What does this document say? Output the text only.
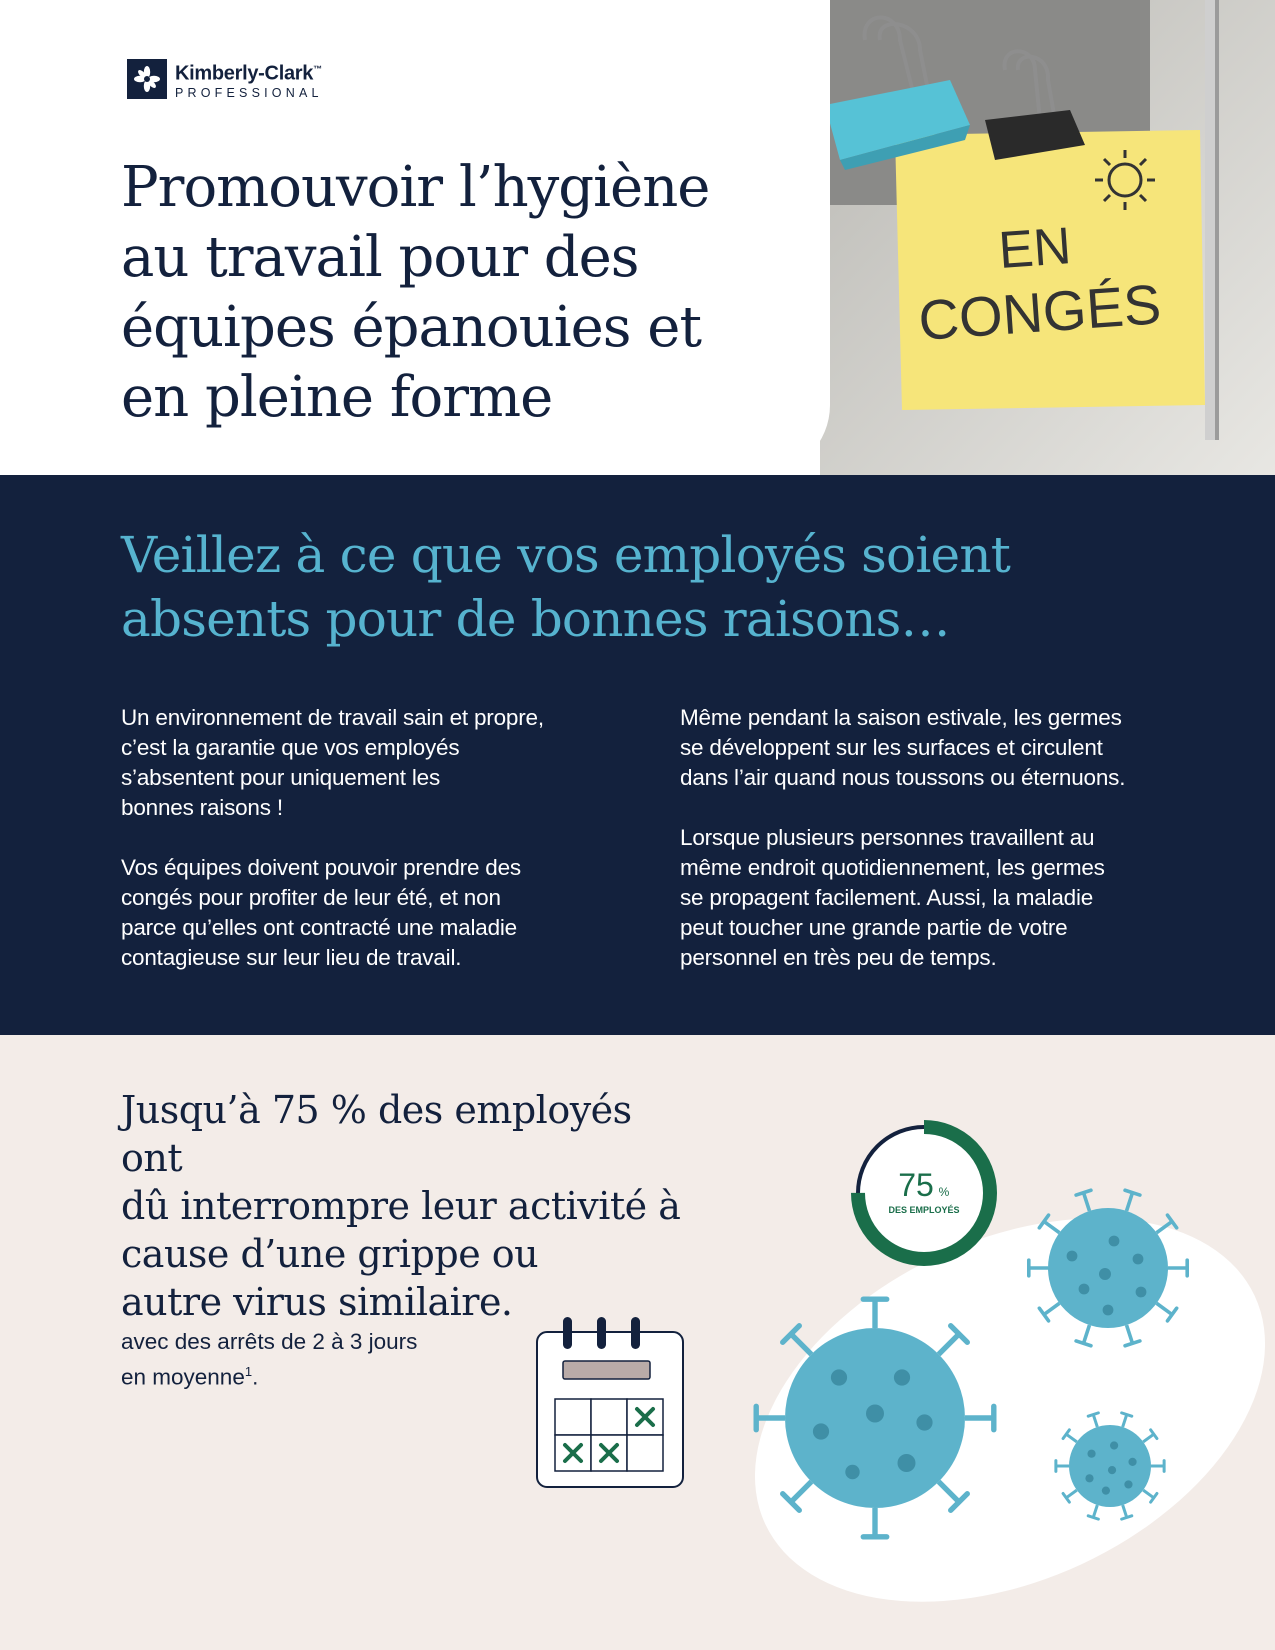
EN
CONGÉS
Kimberly-Clark™
PROFESSIONAL
Promouvoir l’hygiène
au travail pour des
équipes épanouies et
en pleine forme
Veillez à ce que vos employés soient
absents pour de bonnes raisons…

Un environnement de travail sain et propre,
c’est la garantie que vos employés
s’absentent pour uniquement les
bonnes raisons !

Vos équipes doivent pouvoir prendre des
congés pour profiter de leur été, et non
parce qu’elles ont contracté une maladie
contagieuse sur leur lieu de travail.

Même pendant la saison estivale, les germes
se développent sur les surfaces et circulent
dans l’air quand nous toussons ou éternuons.

Lorsque plusieurs personnes travaillent au
même endroit quotidiennement, les germes
se propagent facilement. Aussi, la maladie
peut toucher une grande partie de votre
personnel en très peu de temps.

Jusqu’à 75 % des employés ont
dû interrompre leur activité à
cause d’une grippe ou
autre virus similaire.
avec des arrêts de 2 à 3 jours
en moyenne$^1$.
75 %
DES EMPLOYÉS
